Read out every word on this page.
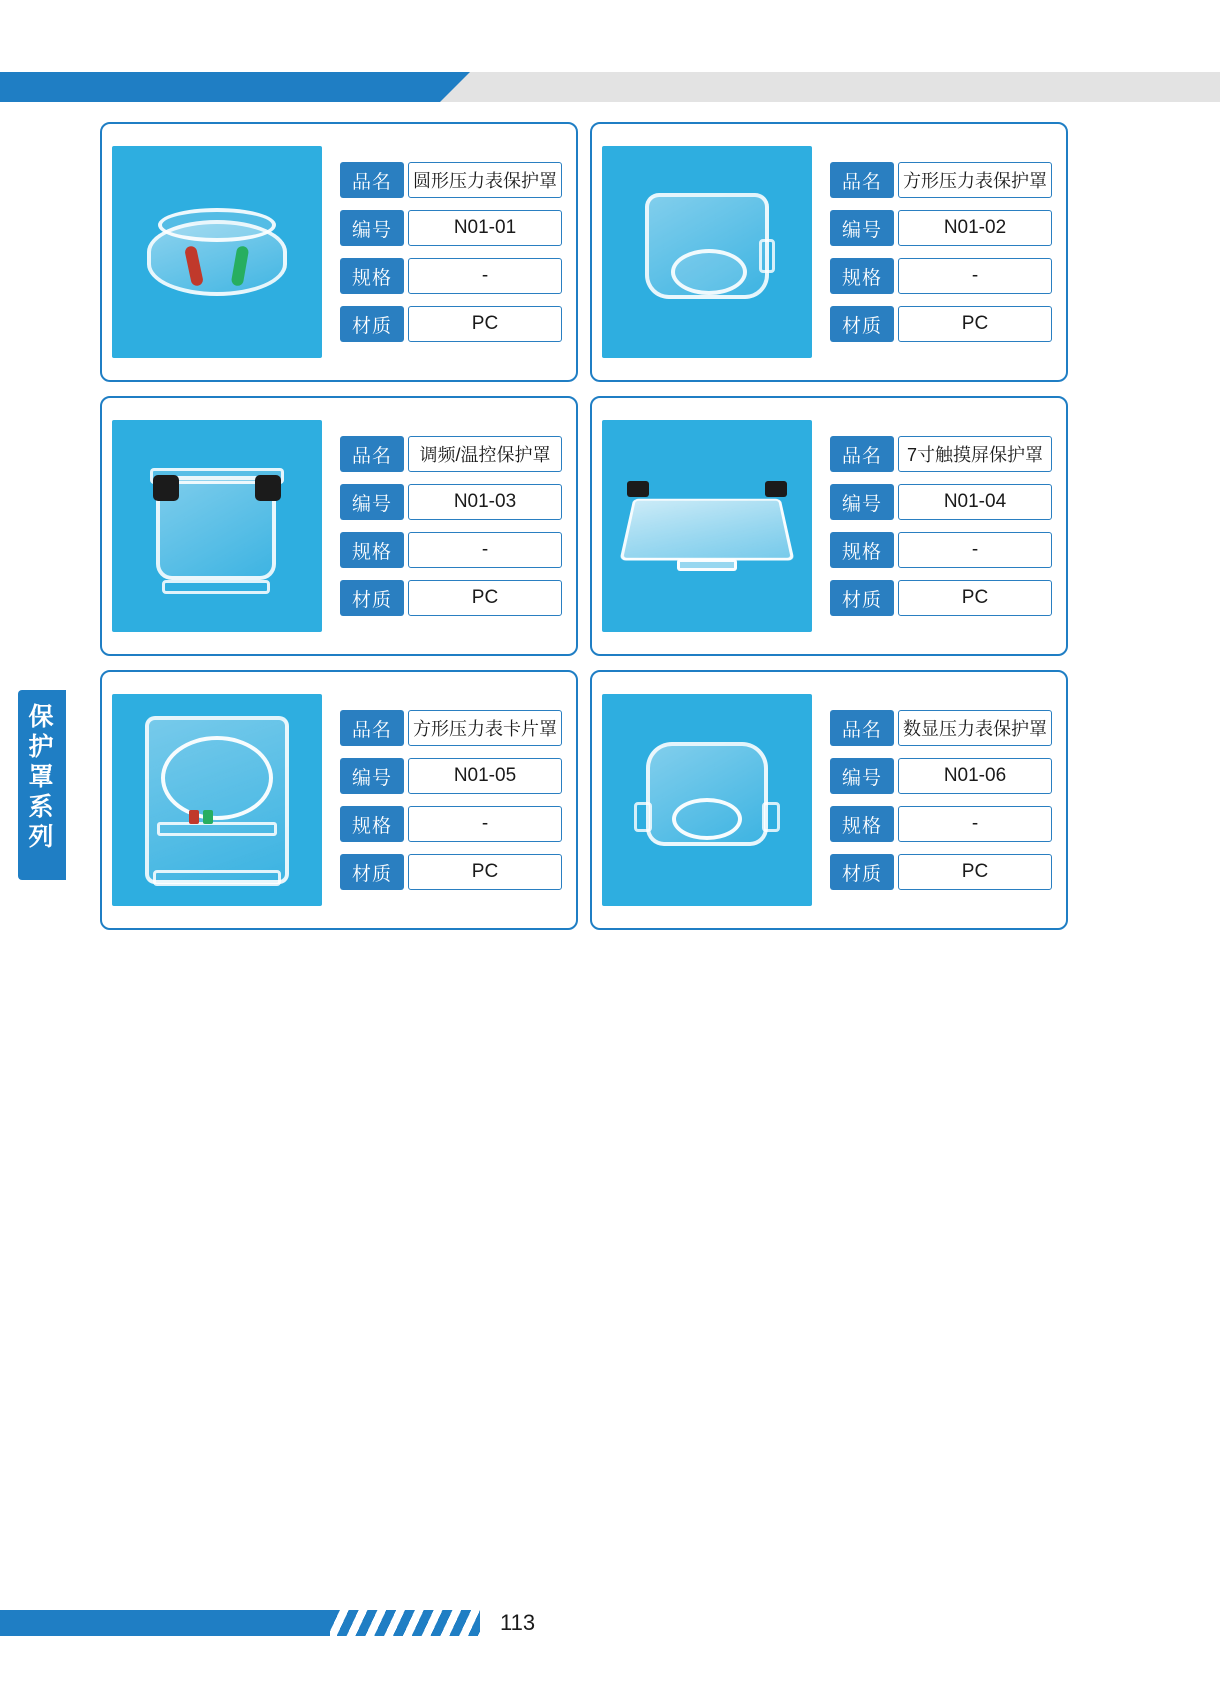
保护罩系列
品名	圆形压力表保护罩
编号	N01-01
规格	-
材质	PC
品名	方形压力表保护罩
编号	N01-02
规格	-
材质	PC
品名	调频/温控保护罩
编号	N01-03
规格	-
材质	PC
品名	7寸触摸屏保护罩
编号	N01-04
规格	-
材质	PC
品名	方形压力表卡片罩
编号	N01-05
规格	-
材质	PC
品名	数显压力表保护罩
编号	N01-06
规格	-
材质	PC
113
